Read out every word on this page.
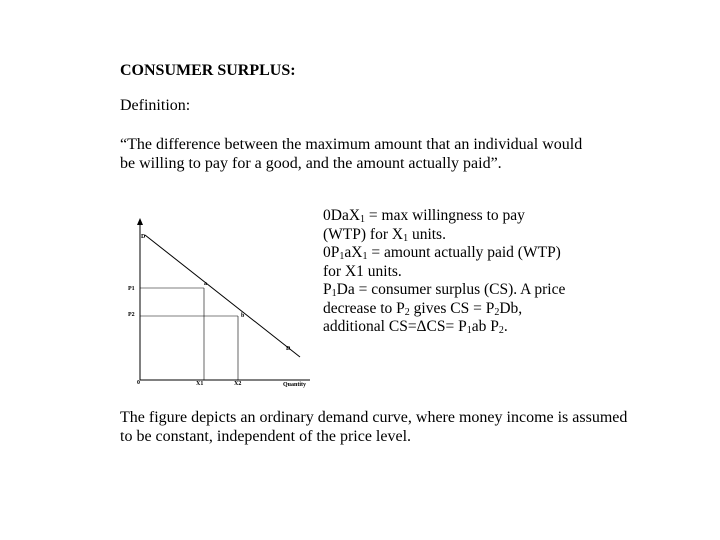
CONSUMER SURPLUS:
Definition:
“The difference between the maximum amount that an individual would be willing to pay for a good, and the amount actually paid”.
D
P1
P2
a
b
D
0	X1	X2	Quantity
0DaX$_1$ = max willingness to pay
(WTP) for $X_1$ units.
$0P_1aX_1$ = amount actually paid (WTP)
for X1 units.
$P_1Da$ = consumer surplus (CS). A price
decrease to $P_2$ gives CS = $P_2Db$,
additional $CS=\Delta CS= P_1ab$ $P_2$.
The figure depicts an ordinary demand curve, where money income is assumed to be constant, independent of the price level.
